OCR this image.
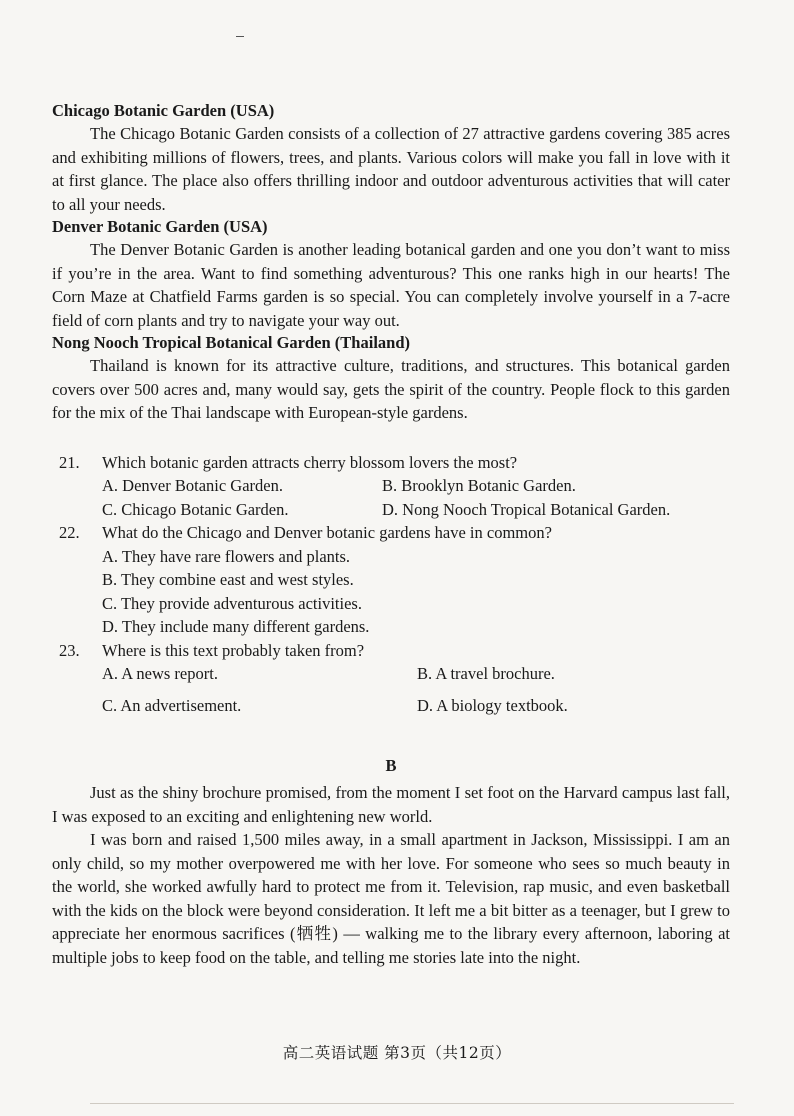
Chicago Botanic Garden (USA)

The Chicago Botanic Garden consists of a collection of 27 attractive gardens covering 385 acres and exhibiting millions of flowers, trees, and plants. Various colors will make you fall in love with it at first glance. The place also offers thrilling indoor and outdoor adventurous activities that will cater to all your needs.

Denver Botanic Garden (USA)

The Denver Botanic Garden is another leading botanical garden and one you don’t want to miss if you’re in the area. Want to find something adventurous? This one ranks high in our hearts! The Corn Maze at Chatfield Farms garden is so special. You can completely involve yourself in a 7-acre field of corn plants and try to navigate your way out.

Nong Nooch Tropical Botanical Garden (Thailand)

Thailand is known for its attractive culture, traditions, and structures. This botanical garden covers over 500 acres and, many would say, gets the spirit of the country. People flock to this garden for the mix of the Thai landscape with European-style gardens.

21. Which botanic garden attracts cherry blossom lovers the most?
A. Denver Botanic Garden.	B. Brooklyn Botanic Garden.
C. Chicago Botanic Garden.	D. Nong Nooch Tropical Botanical Garden.
22. What do the Chicago and Denver botanic gardens have in common?
A. They have rare flowers and plants.
B. They combine east and west styles.
C. They provide adventurous activities.
D. They include many different gardens.
23. Where is this text probably taken from?
A. A news report.	B. A travel brochure.
C. An advertisement.	D. A biology textbook.
B

Just as the shiny brochure promised, from the moment I set foot on the Harvard campus last fall, I was exposed to an exciting and enlightening new world.

I was born and raised 1,500 miles away, in a small apartment in Jackson, Mississippi. I am an only child, so my mother overpowered me with her love. For someone who sees so much beauty in the world, she worked awfully hard to protect me from it. Television, rap music, and even basketball with the kids on the block were beyond consideration. It left me a bit bitter as a teenager, but I grew to appreciate her enormous sacrifices (牺牲) — walking me to the library every afternoon, laboring at multiple jobs to keep food on the table, and telling me stories late into the night.

高二英语试题 第3页（共12页）
